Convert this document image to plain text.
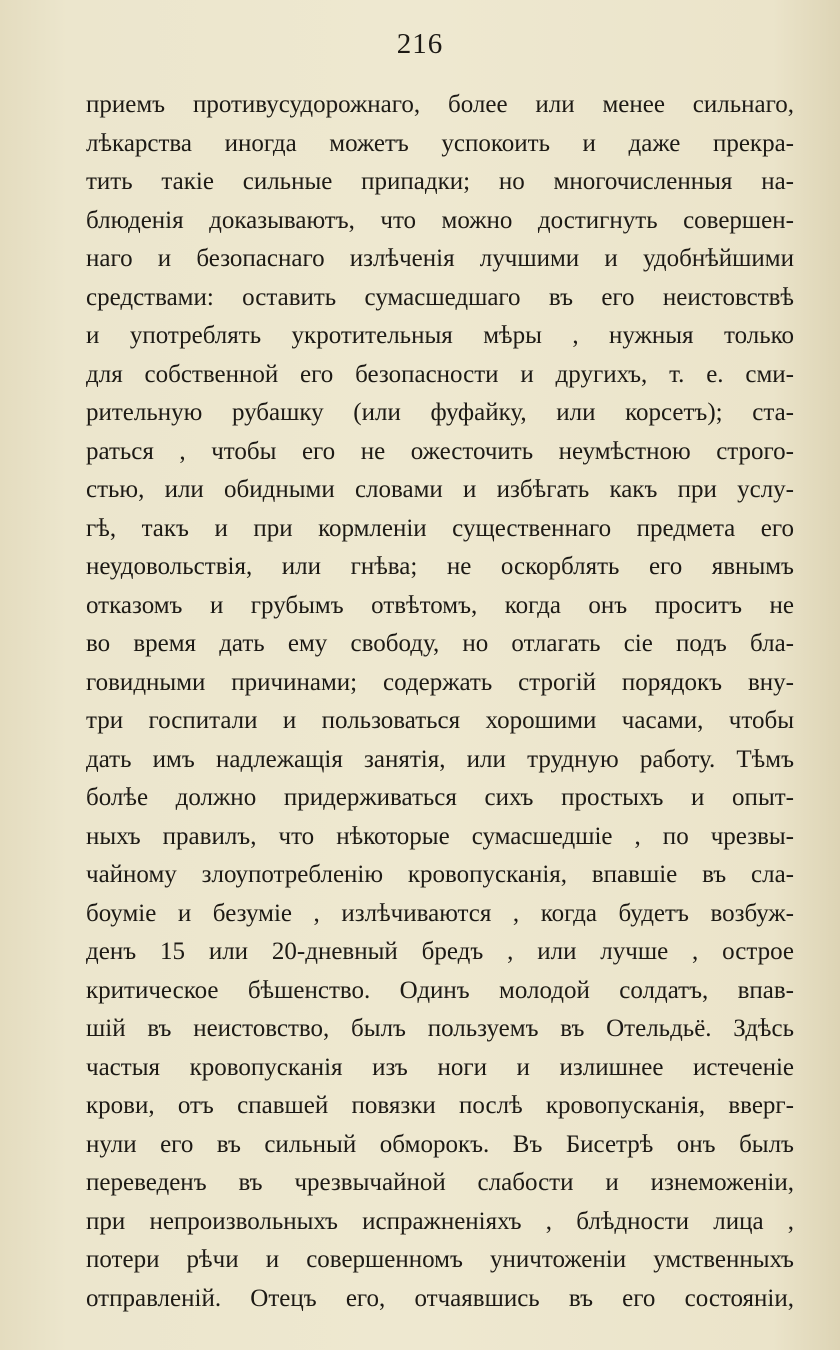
216

приемъ противусудорожнаго, более или менее сильнаго,
лѣкарства иногда можетъ успокоить и даже прекра-
тить такіе сильные припадки; но многочисленныя на-
блюденія доказываютъ, что можно достигнуть совершен-
наго и безопаснаго излѣченія лучшими и удобнѣйшими
средствами: оставить сумасшедшаго въ его неистовствѣ
и употреблять укротительныя мѣры , нужныя только
для собственной его безопасности и другихъ, т. е. сми-
рительную рубашку (или фуфайку, или корсетъ); ста-
раться , чтобы его не ожесточить неумѣстною строго-
стью, или обидными словами и избѣгать какъ при услу-
гѣ, такъ и при кормленіи существеннаго предмета его
неудовольствія, или гнѣва; не оскорблять его явнымъ
отказомъ и грубымъ отвѣтомъ, когда онъ проситъ не
во время дать ему свободу, но отлагать сіе подъ бла-
говидными причинами; содержать строгій порядокъ вну-
три госпитали и пользоваться хорошими часами, чтобы
дать имъ надлежащія занятія, или трудную работу. Тѣмъ
болѣе должно придерживаться сихъ простыхъ и опыт-
ныхъ правилъ, что нѣкоторые сумасшедшіе , по чрезвы-
чайному злоупотребленію кровопусканія, впавшіе въ сла-
боуміе и безуміе , излѣчиваются , когда будетъ возбуж-
денъ 15 или 20-дневный бредъ , или лучше , острое
критическое бѣшенство. Одинъ молодой солдатъ, впав-
шій въ неистовство, былъ пользуемъ въ Отельдьё. Здѣсь
частыя кровопусканія изъ ноги и излишнее истеченіе
крови, отъ спавшей повязки послѣ кровопусканія, вверг-
нули его въ сильный обморокъ. Въ Бисетрѣ онъ былъ
переведенъ въ чрезвычайной слабости и изнеможеніи,
при непроизвольныхъ испражненіяхъ , блѣдности лица ,
потери рѣчи и совершенномъ уничтоженіи умственныхъ
отправленій. Отецъ его, отчаявшись въ его состояніи,
